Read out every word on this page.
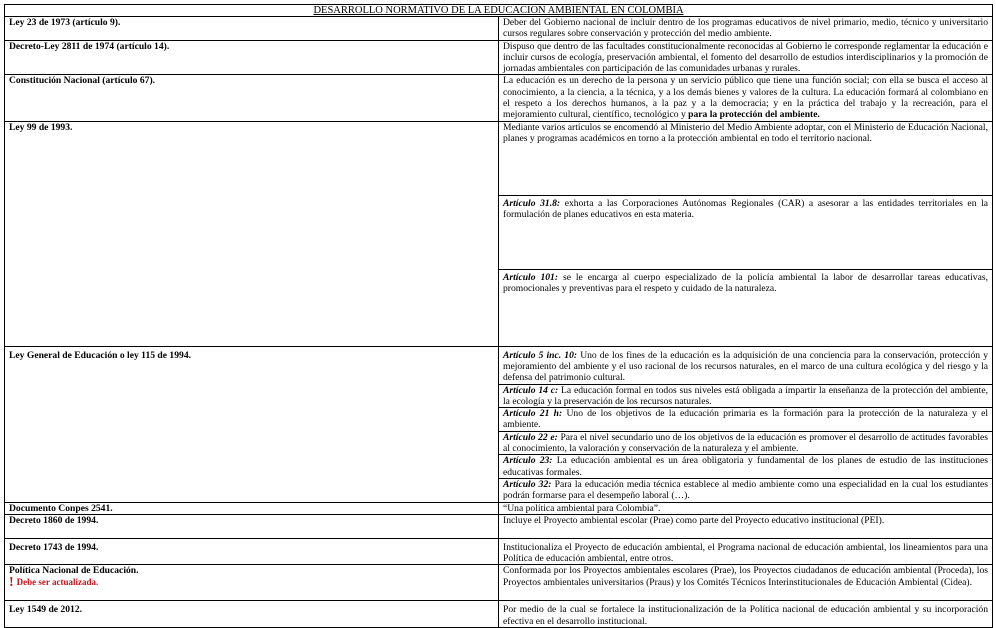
DESARROLLO NORMATIVO DE LA EDUCACION AMBIENTAL EN COLOMBIA	
Ley 23 de 1973 (artículo 9).	Deber del Gobierno nacional de incluir dentro de los programas educativos de nivel primario, medio, técnico y universitario cursos regulares sobre conservación y protección del medio ambiente.
Decreto-Ley 2811 de 1974 (artículo 14).	Dispuso que dentro de las facultades constitucionalmente reconocidas al Gobierno le corresponde reglamentar la educación e incluir cursos de ecología, preservación ambiental, el fomento del desarrollo de estudios interdisciplinarios y la promoción de jornadas ambientales con participación de las comunidades urbanas y rurales.
Constitución Nacional (artículo 67).	La educación es un derecho de la persona y un servicio público que tiene una función social; con ella se busca el acceso al conocimiento, a la ciencia, a la técnica, y a los demás bienes y valores de la cultura. La educación formará al colombiano en el respeto a los derechos humanos, a la paz y a la democracia; y en la práctica del trabajo y la recreación, para el mejoramiento cultural, científico, tecnológico y para la protección del ambiente.
Ley 99 de 1993.	Mediante varios artículos se encomendó al Ministerio del Medio Ambiente adoptar, con el Ministerio de Educación Nacional, planes y programas académicos en torno a la protección ambiental en todo el territorio nacional.
	Artículo 31.8: exhorta a las Corporaciones Autónomas Regionales (CAR) a asesorar a las entidades territoriales en la formulación de planes educativos en esta materia.
	Artículo 101: se le encarga al cuerpo especializado de la policía ambiental la labor de desarrollar tareas educativas, promocionales y preventivas para el respeto y cuidado de la naturaleza.
Ley General de Educación o ley 115 de 1994.	Artículo 5 inc. 10: Uno de los fines de la educación es la adquisición de una conciencia para la conservación, protección y mejoramiento del ambiente y el uso racional de los recursos naturales, en el marco de una cultura ecológica y del riesgo y la defensa del patrimonio cultural.
	Artículo 14 c: La educación formal en todos sus niveles está obligada a impartir la enseñanza de la protección del ambiente, la ecología y la preservación de los recursos naturales.
	Artículo 21 h: Uno de los objetivos de la educación primaria es la formación para la protección de la naturaleza y el ambiente.
	Artículo 22 e: Para el nivel secundario uno de los objetivos de la educación es promover el desarrollo de actitudes favorables al conocimiento, la valoración y conservación de la naturaleza y el ambiente.
	Artículo 23: La educación ambiental es un área obligatoria y fundamental de los planes de estudio de las instituciones educativas formales.
	Artículo 32: Para la educación media técnica establece al medio ambiente como una especialidad en la cual los estudiantes podrán formarse para el desempeño laboral (…).
Documento Conpes 2541.	“Una política ambiental para Colombia”.
Decreto 1860 de 1994.	Incluye el Proyecto ambiental escolar (Prae) como parte del Proyecto educativo institucional (PEI).
Decreto 1743 de 1994.	Institucionaliza el Proyecto de educación ambiental, el Programa nacional de educación ambiental, los lineamientos para una Política de educación ambiental, entre otros.

Política Nacional de Educación.
! Debe ser actualizada.	Conformada por los Proyectos ambientales escolares (Prae), los Proyectos ciudadanos de educación ambiental (Proceda), los Proyectos ambientales universitarios (Praus) y los Comités Técnicos Interinstitucionales de Educación Ambiental (Cidea).
Ley 1549 de 2012.	Por medio de la cual se fortalece la institucionalización de la Política nacional de educación ambiental y su incorporación efectiva en el desarrollo institucional.
